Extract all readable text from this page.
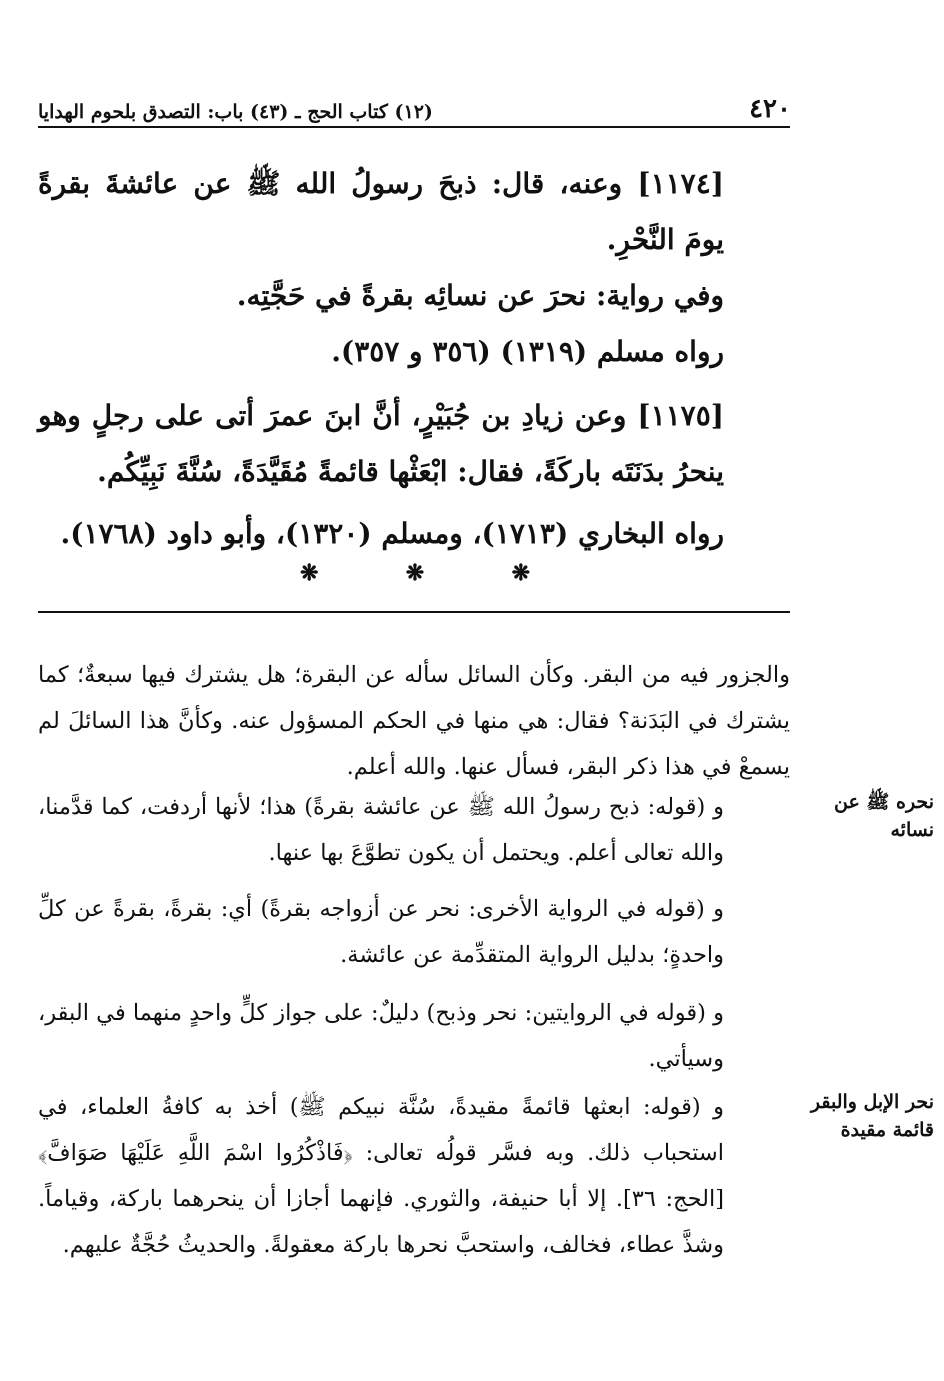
٤٢٠
(١٢) كتاب الحج ـ (٤٣) باب: التصدق بلحوم الهدايا
[١١٧٤] وعنه، قال: ذبحَ رسولُ الله ﷺ عن عائشةَ بقرةً يومَ النَّحْرِ.
وفي رواية: نحرَ عن نسائِه بقرةً في حَجَّتِه.
رواه مسلم (١٣١٩) (٣٥٦ و ٣٥٧).
[١١٧٥] وعن زيادِ بن جُبَيْرٍ، أنَّ ابنَ عمرَ أتى على رجلٍ وهو ينحرُ بدَنَتَه باركَةً، فقال: ابْعَثْها قائمةً مُقَيَّدَةً، سُنَّةَ نَبِيِّكُم.
رواه البخاري (١٧١٣)، ومسلم (١٣٢٠)، وأبو داود (١٧٦٨).
❋	❋	❋
والجزور فيه من البقر. وكأن السائل سأله عن البقرة؛ هل يشترك فيها سبعةٌ؛ كما يشترك في البَدَنة؟ فقال: هي منها في الحكم المسؤول عنه. وكأنَّ هذا السائلَ لم يسمعْ في هذا ذكر البقر، فسأل عنها. والله أعلم.
و (قوله: ذبح رسولُ الله ﷺ عن عائشة بقرةً) هذا؛ لأنها أردفت، كما قدَّمنا، والله تعالى أعلم. ويحتمل أن يكون تطوَّعَ بها عنها.
و (قوله في الرواية الأخرى: نحر عن أزواجه بقرةً) أي: بقرةً، بقرةً عن كلِّ واحدةٍ؛ بدليل الرواية المتقدِّمة عن عائشة.
و (قوله في الروايتين: نحر وذبح) دليلٌ: على جواز كلٍّ واحدٍ منهما في البقر، وسيأتي.
و (قوله: ابعثها قائمةً مقيدةً، سُنَّة نبيكم ﷺ) أخذ به كافةُ العلماء، في استحباب ذلك. وبه فسَّر قولُه تعالى: ﴿فَاذْكُرُوا اسْمَ اللَّهِ عَلَيْهَا صَوَافَّ﴾ [الحج: ٣٦]. إلا أبا حنيفة، والثوري. فإنهما أجازا أن ينحرهما باركة، وقياماً. وشذَّ عطاء، فخالف، واستحبَّ نحرها باركة معقولةً. والحديثُ حُجَّةٌ عليهم.
نحره ﷺ عن نسائه
نحر الإبل والبقر قائمة مقيدة
